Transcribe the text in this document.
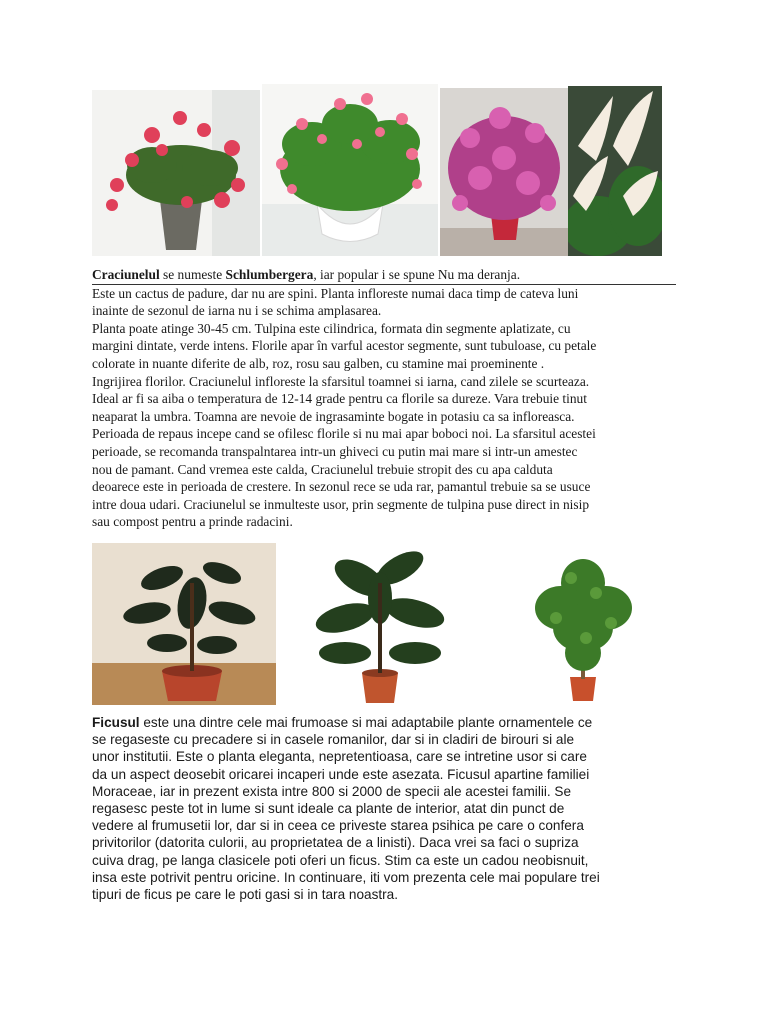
Craciunelul se numeste Schlumbergera, iar popular i se spune Nu ma deranja.

Este un cactus de padure, dar nu are spini. Planta infloreste numai daca timp de cateva luni

inainte de sezonul de iarna nu i se schima amplasarea.

Planta poate atinge 30-45 cm. Tulpina este cilindrica, formata din segmente aplatizate, cu

margini dintate, verde intens. Florile apar în varful acestor segmente, sunt tubuloase, cu petale

colorate in nuante diferite de alb, roz, rosu sau galben, cu stamine mai proeminente .

Ingrijirea florilor. Craciunelul infloreste la sfarsitul toamnei si iarna, cand zilele se scurteaza.

Ideal ar fi sa aiba o temperatura de 12-14 grade pentru ca florile sa dureze. Vara trebuie tinut

neaparat la umbra. Toamna are nevoie de ingrasaminte bogate in potasiu ca sa infloreasca.

Perioada de repaus incepe cand se ofilesc florile si nu mai apar boboci noi. La sfarsitul acestei

perioade, se recomanda transpalntarea intr-un ghiveci cu putin mai mare si intr-un amestec

nou de pamant. Cand vremea este calda, Craciunelul trebuie stropit des cu apa calduta

deoarece este in perioada de crestere. In sezonul rece se uda rar, pamantul trebuie sa se usuce

intre doua udari. Craciunelul se inmulteste usor, prin segmente de tulpina puse direct in nisip

sau compost pentru a prinde radacini.

Ficusul este una dintre cele mai frumoase si mai adaptabile plante ornamentele ce

se regaseste cu precadere si in casele romanilor, dar si in cladiri de birouri si ale

unor institutii. Este o planta eleganta, nepretentioasa, care se intretine usor si care

da un aspect deosebit oricarei incaperi unde este asezata. Ficusul apartine familiei

Moraceae, iar in prezent exista intre 800 si 2000 de specii ale acestei familii. Se

regasesc peste tot in lume si sunt ideale ca plante de interior, atat din punct de

vedere al frumusetii lor, dar si in ceea ce priveste starea psihica pe care o confera

privitorilor (datorita culorii, au proprietatea de a linisti). Daca vrei sa faci o supriza

cuiva drag, pe langa clasicele poti oferi un ficus. Stim ca este un cadou neobisnuit,

insa este potrivit pentru oricine. In continuare, iti vom prezenta cele mai populare trei

tipuri de ficus pe care le poti gasi si in tara noastra.
